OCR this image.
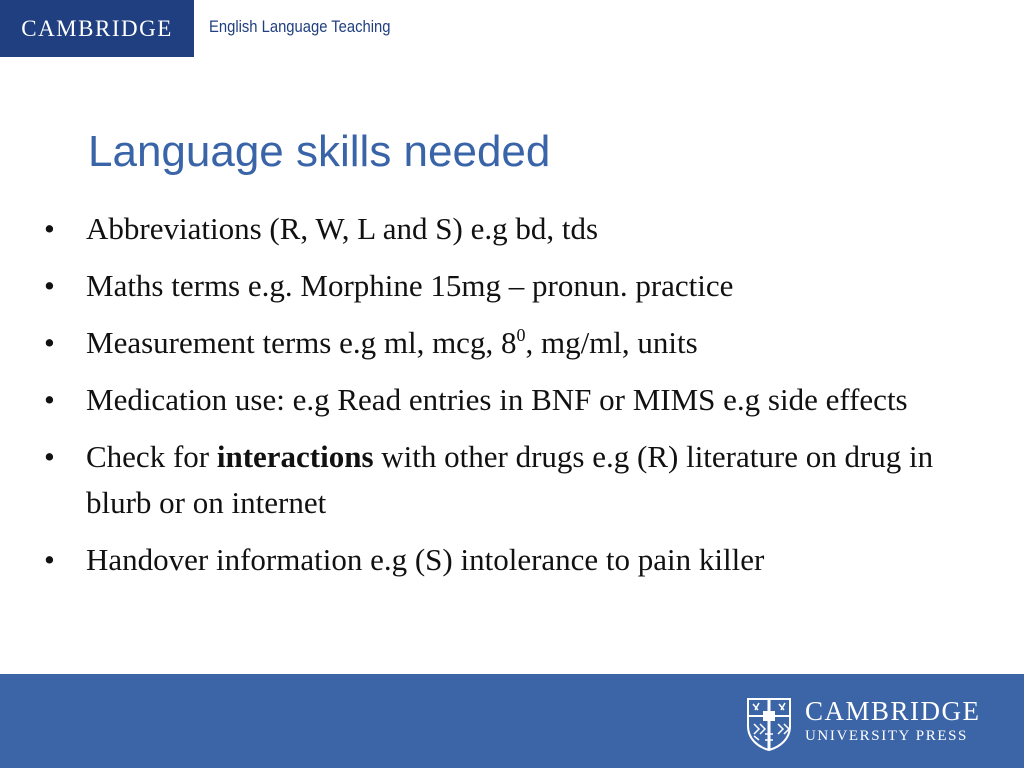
CAMBRIDGE	English Language Teaching
Language skills needed
•
Abbreviations (R, W, L and S) e.g bd, tds
•
Maths terms e.g. Morphine 15mg – pronun. practice
•
Measurement terms e.g ml, mcg, $8^0$, mg/ml, units
•
Medication use: e.g Read entries in BNF or MIMS e.g side effects
•
Check for interactions with other drugs e.g (R) literature on drug in blurb or on internet
•
Handover information e.g (S) intolerance to pain killer
CAMBRIDGE
UNIVERSITY PRESS
